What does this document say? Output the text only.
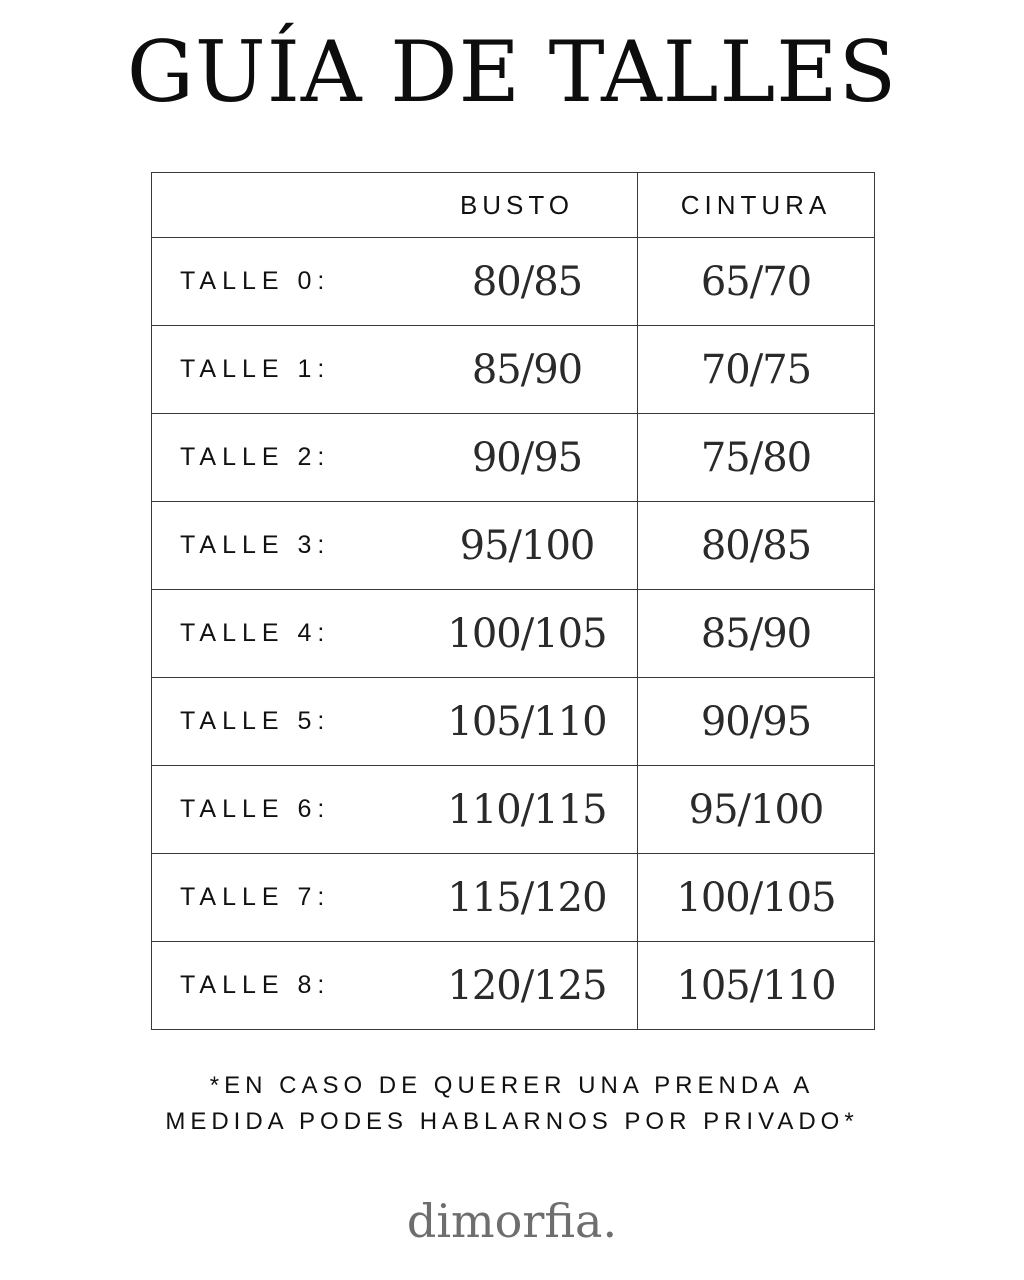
GUÍA DE TALLES
BUSTO	CINTURA

TALLE 0: 80/85	65/70

TALLE 1: 85/90	70/75

TALLE 2: 90/95	75/80

TALLE 3: 95/100	80/85

TALLE 4: 100/105	85/90

TALLE 5: 105/110	90/95

TALLE 6: 110/115	95/100

TALLE 7: 115/120	100/105

TALLE 8: 120/125	105/110
*EN CASO DE QUERER UNA PRENDA A
MEDIDA PODES HABLARNOS POR PRIVADO*
dimorfia.
